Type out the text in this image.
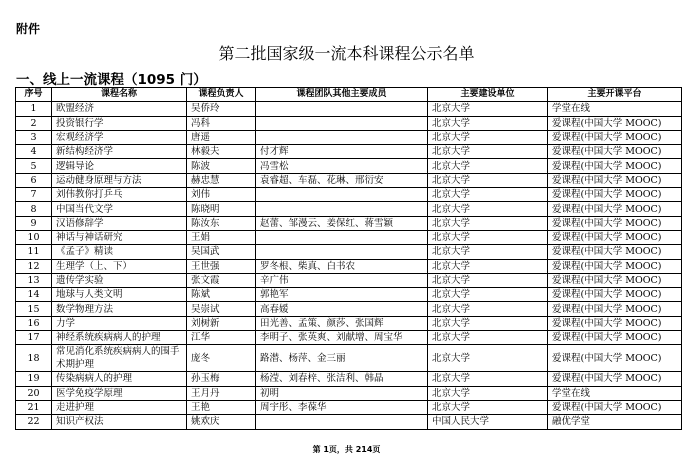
附件
第二批国家级一流本科课程公示名单
一、线上一流课程（1095 门）
序号	课程名称	课程负责人	课程团队其他主要成员	主要建设单位	主要开课平台
1	欧盟经济	吴侨玲		北京大学	学堂在线
2	投资银行学	冯科		北京大学	爱课程(中国大学 MOOC)
3	宏观经济学	唐遥		北京大学	爱课程(中国大学 MOOC)
4	新结构经济学	林毅夫	付才辉	北京大学	爱课程(中国大学 MOOC)
5	逻辑导论	陈波	冯雪松	北京大学	爱课程(中国大学 MOOC)
6	运动健身原理与方法	赫忠慧	袁睿超、车磊、花琳、邢衍安	北京大学	爱课程(中国大学 MOOC)
7	刘伟教你打乒乓	刘伟		北京大学	爱课程(中国大学 MOOC)
8	中国当代文学	陈晓明		北京大学	爱课程(中国大学 MOOC)
9	汉语修辞学	陈汝东	赵蕾、邹漫云、姜保红、蒋雪颖	北京大学	爱课程(中国大学 MOOC)
10	神话与神话研究	王娟		北京大学	爱课程(中国大学 MOOC)
11	《孟子》精读	吴国武		北京大学	爱课程(中国大学 MOOC)
12	生理学（上、下）	王世强	罗冬根、柴真、白书农	北京大学	爱课程(中国大学 MOOC)
13	遗传学实验	张文霞	辛广伟	北京大学	爱课程(中国大学 MOOC)
14	地球与人类文明	陈斌	郭艳军	北京大学	爱课程(中国大学 MOOC)
15	数学物理方法	吴崇试	高春媛	北京大学	爱课程(中国大学 MOOC)
16	力学	刘树新	田光善、孟策、颜莎、张国辉	北京大学	爱课程(中国大学 MOOC)
17	神经系统疾病病人的护理	江华	李明子、张英爽、刘献增、周宝华	北京大学	爱课程(中国大学 MOOC)
18	常见消化系统疾病病人的围手术期护理	庞冬	路潜、杨萍、金三丽	北京大学	爱课程(中国大学 MOOC)
19	传染病病人的护理	孙玉梅	杨滢、刘春梓、张洁利、韩晶	北京大学	爱课程(中国大学 MOOC)
20	医学免疫学原理	王月丹	初明	北京大学	学堂在线
21	走进护理	王艳	周宇彤、李葆华	北京大学	爱课程(中国大学 MOOC)
22	知识产权法	姚欢庆		中国人民大学	融优学堂
第 1页，共 214页
